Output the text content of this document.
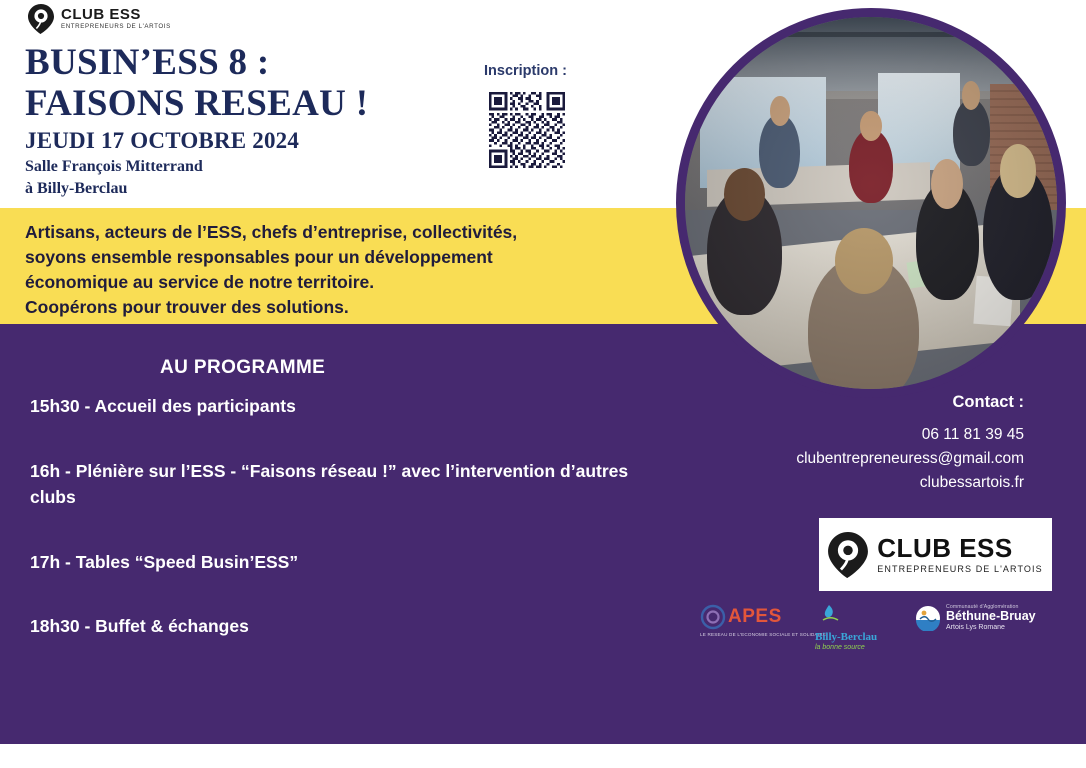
CLUB ESS
ENTREPRENEURS DE L'ARTOIS
BUSIN’ESS 8 :
FAISONS RESEAU !
JEUDI 17 OCTOBRE 2024
Salle François Mitterrand
à Billy-Berclau
Inscription :
Artisans, acteurs de l’ESS, chefs d’entreprise, collectivités,
soyons ensemble responsables pour un développement
économique au service de notre territoire.
Coopérons pour trouver des solutions.
AU PROGRAMME
15h30 - Accueil des participants
16h - Plénière sur l’ESS - “Faisons réseau !” avec l’intervention d’autres clubs
17h - Tables “Speed Busin’ESS”
18h30 - Buffet & échanges
Contact :
06 11 81 39 45
clubentrepreneuress@gmail.com
clubessartois.fr
CLUB ESS
ENTREPRENEURS DE L'ARTOIS
APES
LE RESEAU DE L'ECONOMIE SOCIALE ET SOLIDAIRE
Billy-Berclau
la bonne source
Communauté d'Agglomération
Béthune-Bruay
Artois Lys Romane
